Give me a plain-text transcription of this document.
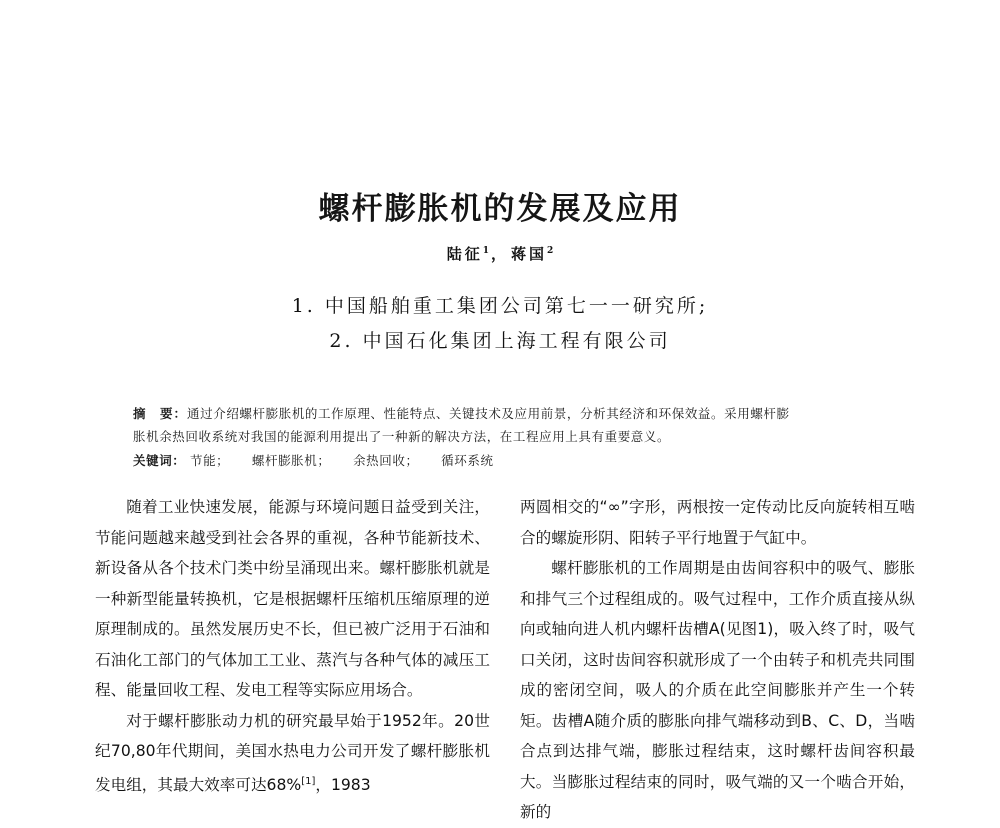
螺杆膨胀机的发展及应用
陆征$^1$ ， 蒋国$^2$
1. 中国船舶重工集团公司第七一一研究所;
2. 中国石化集团上海工程有限公司
摘　要：通过介绍螺杆膨胀机的工作原理、性能特点、关键技术及应用前景，分析其经济和环保效益。采用螺杆膨
胀机余热回收系统对我国的能源利用提出了一种新的解决方法，在工程应用上具有重要意义。
关键词： 节能； 螺杆膨胀机； 余热回收； 循环系统

随着工业快速发展，能源与环境问题日益受到关注，节能问题越来越受到社会各界的重视，各种节能新技术、新设备从各个技术门类中纷呈涌现出来。螺杆膨胀机就是一种新型能量转换机，它是根据螺杆压缩机压缩原理的逆原理制成的。虽然发展历史不长，但已被广泛用于石油和石油化工部门的气体加工工业、蒸汽与各种气体的减压工程、能量回收工程、发电工程等实际应用场合。

对于螺杆膨胀动力机的研究最早始于1952年。20世纪70,80年代期间，美国水热电力公司开发了螺杆膨胀机发电组，其最大效率可达68%[1]，1983

两圆相交的“∞”字形，两根按一定传动比反向旋转相互啮合的螺旋形阴、阳转子平行地置于气缸中。

螺杆膨胀机的工作周期是由齿间容积中的吸气、膨胀和排气三个过程组成的。吸气过程中，工作介质直接从纵向或轴向进人机内螺杆齿槽A(见图1)，吸入终了时，吸气口关闭，这时齿间容积就形成了一个由转子和机壳共同围成的密闭空间，吸人的介质在此空间膨胀并产生一个转矩。齿槽A随介质的膨胀向排气端移动到B、C、D，当啮合点到达排气端，膨胀过程结束，这时螺杆齿间容积最大。当膨胀过程结束的同时，吸气端的又一个啮合开始，新的
